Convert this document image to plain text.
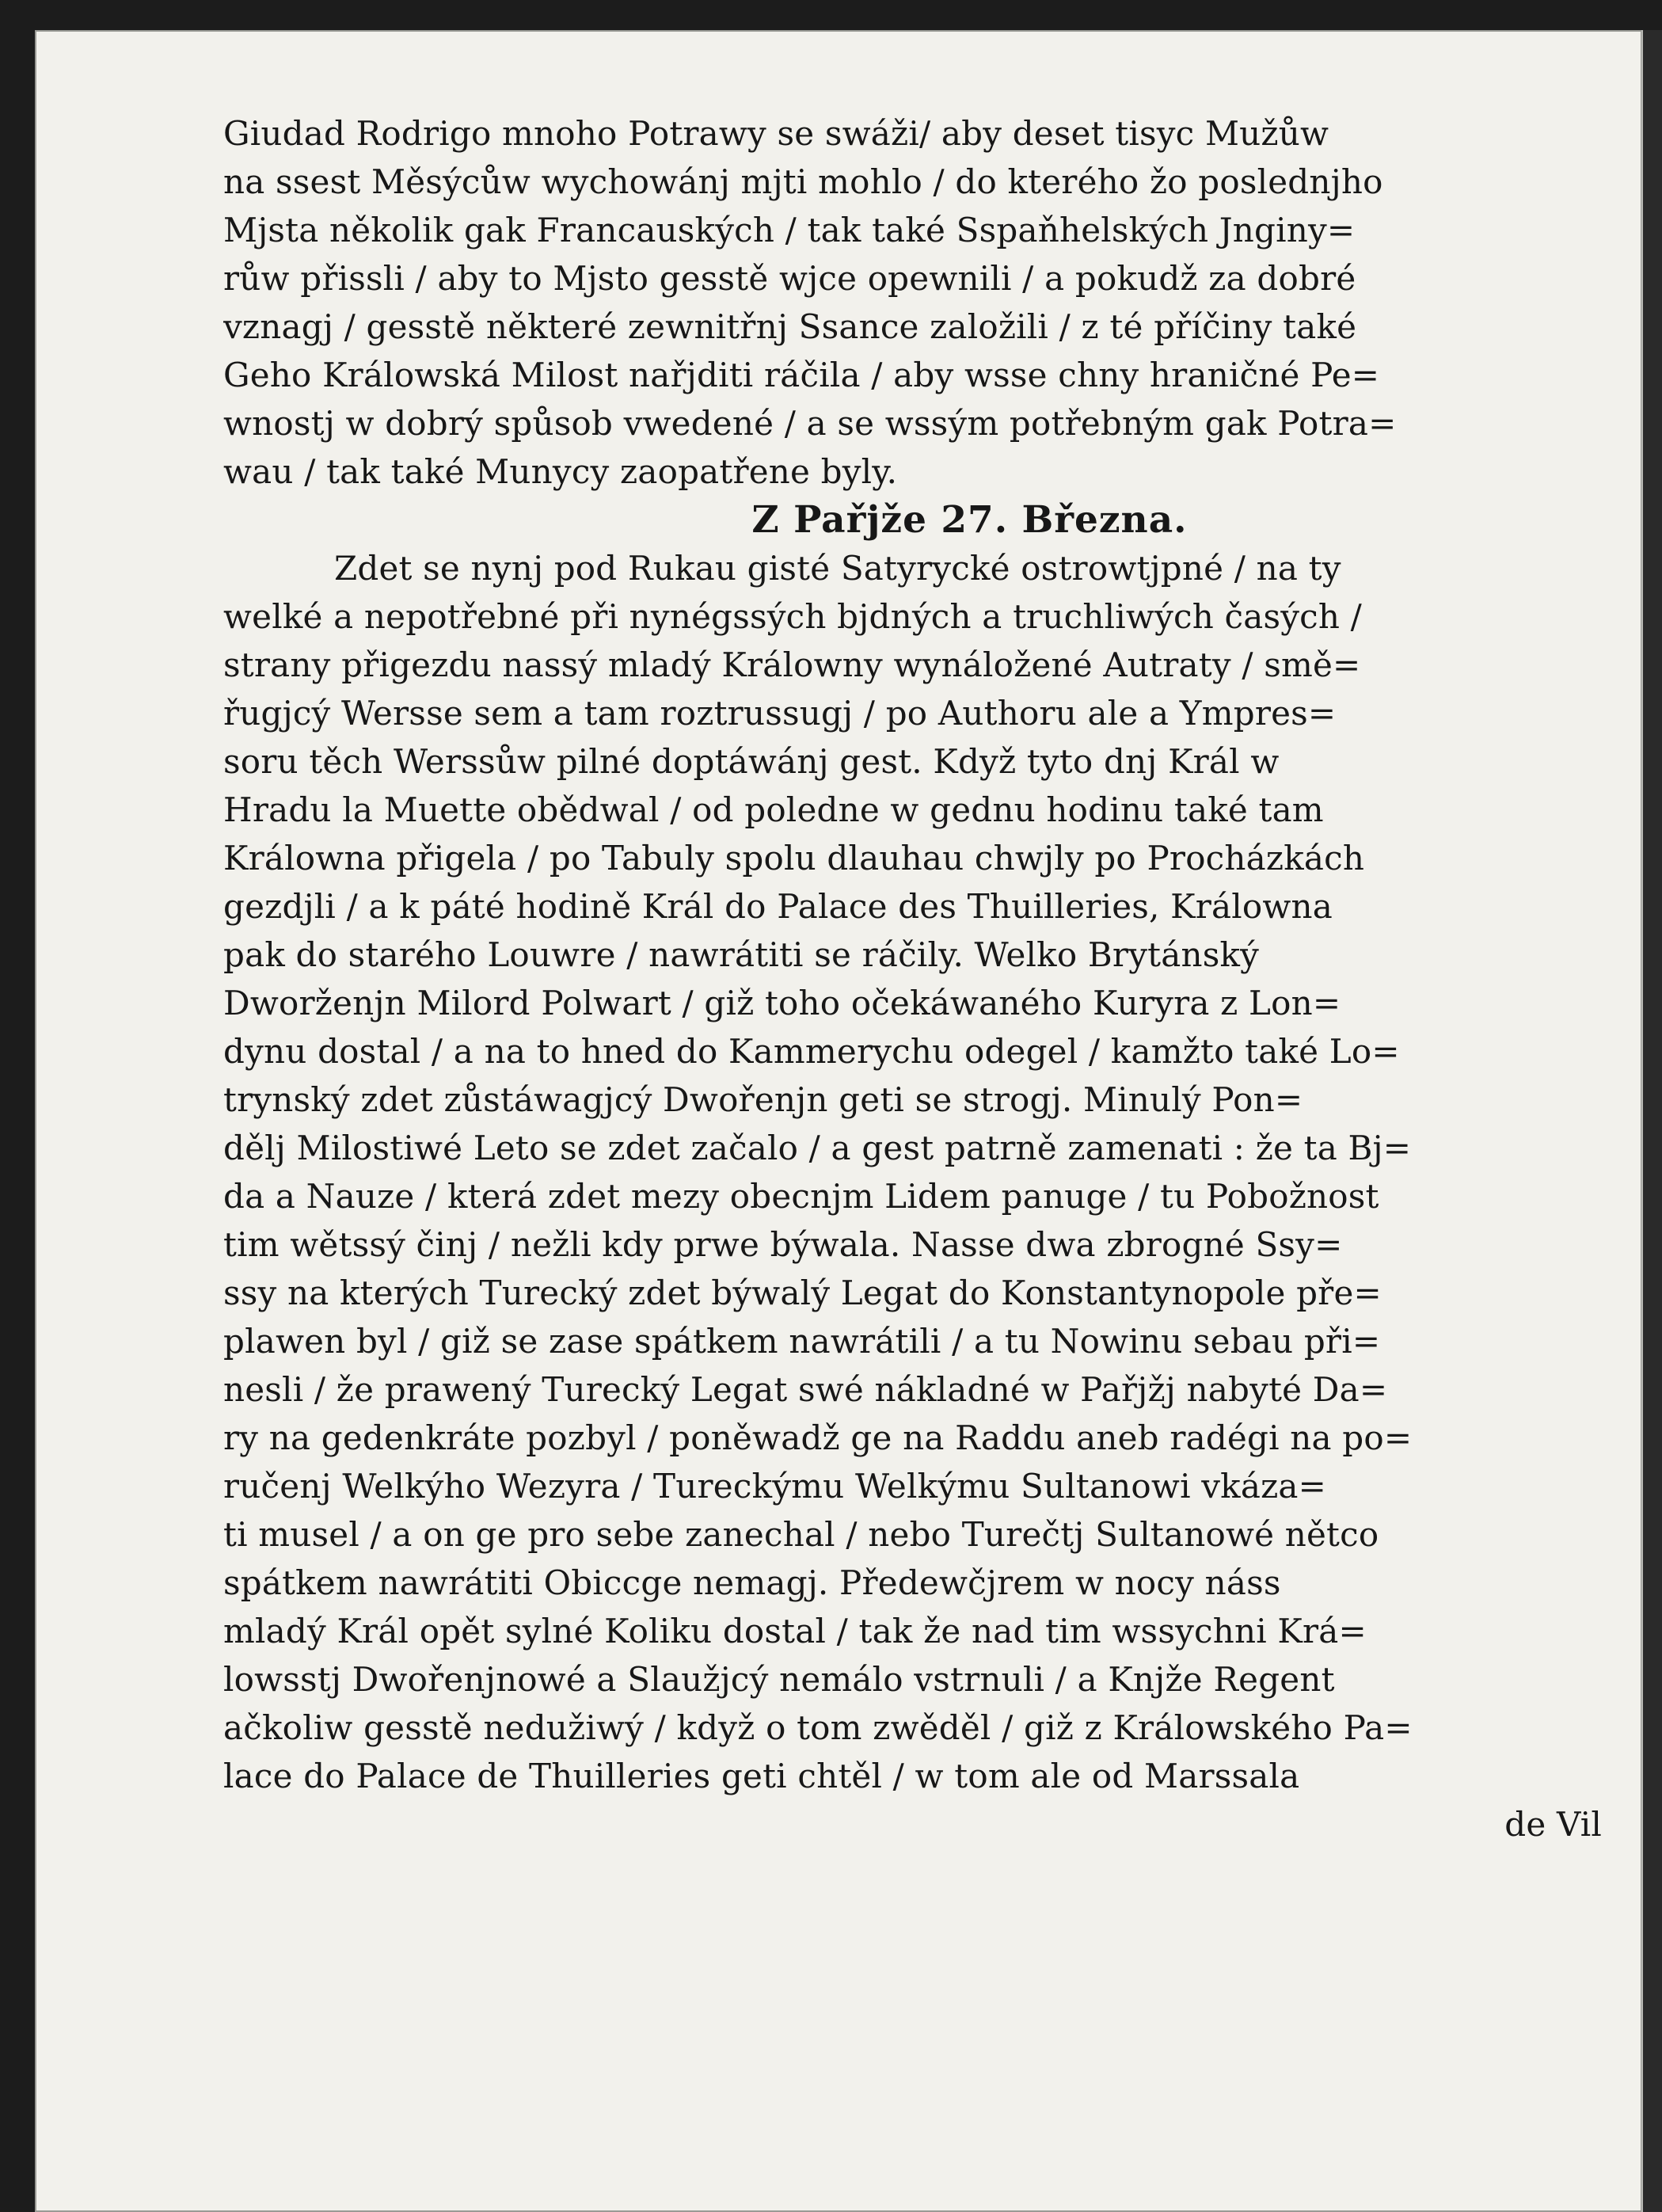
Giudad Rodrigo mnoho Potrawy se swáži/ aby deset tisyc Mužůw
na ssest Měsýcůw wychowánj mjti mohlo / do kterého žo poslednjho
Mjsta několik gak Francauských / tak také Sspaňhelských Jnginy=
růw přissli / aby to Mjsto gesstě wjce opewnili / a pokudž za dobré
vznagj / gesstě některé zewnitřnj Ssance založili / z té příčiny také
Geho Králowská Milost nařjditi ráčila / aby wsse chny hraničné Pe=
wnostj w dobrý spůsob vwedené / a se wssým potřebným gak Potra=
wau / tak také Munycy zaopatřene byly.
Z Pařjže 27. Března.
Zdet se nynj pod Rukau gisté Satyrycké ostrowtjpné / na ty
welké a nepotřebné při nynégssých bjdných a truchliwých časých /
strany přigezdu nassý mladý Králowny wynáložené Autraty / smě=
řugjcý Wersse sem a tam roztrussugj / po Authoru ale a Ympres=
soru těch Werssůw pilné doptáwánj gest. Když tyto dnj Král w
Hradu la Muette obědwal / od poledne w gednu hodinu také tam
Králowna přigela / po Tabuly spolu dlauhau chwjly po Procházkách
gezdjli / a k páté hodině Král do Palace des Thuilleries, Králowna
pak do starého Louwre / nawrátiti se ráčily. Welko Brytánský
Dworženjn Milord Polwart / giž toho očekáwaného Kuryra z Lon=
dynu dostal / a na to hned do Kammerychu odegel / kamžto také Lo=
trynský zdet zůstáwagjcý Dwořenjn geti se strogj. Minulý Pon=
dělj Milostiwé Leto se zdet začalo / a gest patrně zamenati : že ta Bj=
da a Nauze / která zdet mezy obecnjm Lidem panuge / tu Pobožnost
tim wětssý činj / nežli kdy prwe býwala. Nasse dwa zbrogné Ssy=
ssy na kterých Turecký zdet býwalý Legat do Konstantynopole pře=
plawen byl / giž se zase spátkem nawrátili / a tu Nowinu sebau při=
nesli / že prawený Turecký Legat swé nákladné w Pařjžj nabyté Da=
ry na gedenkráte pozbyl / poněwadž ge na Raddu aneb radégi na po=
ručenj Welkýho Wezyra / Tureckýmu Welkýmu Sultanowi vkáza=
ti musel / a on ge pro sebe zanechal / nebo Turečtj Sultanowé nětco
spátkem nawrátiti Obiccge nemagj. Předewčjrem w nocy náss
mladý Král opět sylné Koliku dostal / tak že nad tim wssychni Krá=
lowsstj Dwořenjnowé a Slaužjcý nemálo vstrnuli / a Knjže Regent
ačkoliw gesstě nedužiwý / když o tom zwěděl / giž z Králowského Pa=
lace do Palace de Thuilleries geti chtěl / w tom ale od Marssala
de Vil
